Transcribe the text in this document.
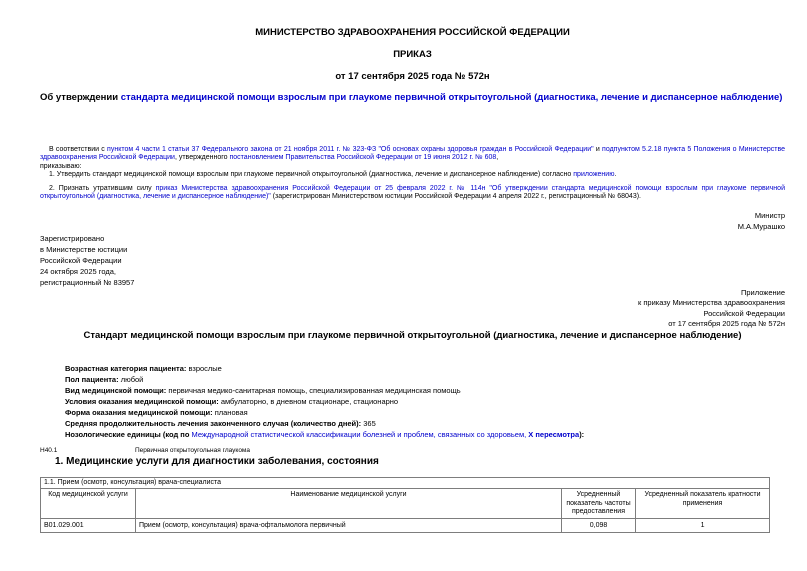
МИНИСТЕРСТВО ЗДРАВООХРАНЕНИЯ РОССИЙСКОЙ ФЕДЕРАЦИИ
ПРИКАЗ
от 17 сентября 2025 года № 572н

Об утверждении стандарта медицинской помощи взрослым при глаукоме первичной открытоугольной (диагностика, лечение и диспансерное наблюдение)

В соответствии с пунктом 4 части 1 статьи 37 Федерального закона от 21 ноября 2011 г. № 323-ФЗ "Об основах охраны здоровья граждан в Российской Федерации" и подпунктом 5.2.18 пункта 5 Положения о Министерстве здравоохранения Российской Федерации, утвержденного постановлением Правительства Российской Федерации от 19 июня 2012 г. № 608,

приказываю:

1. Утвердить стандарт медицинской помощи взрослым при глаукоме первичной открытоугольной (диагностика, лечение и диспансерное наблюдение) согласно приложению.

2. Признать утратившим силу приказ Министерства здравоохранения Российской Федерации от 25 февраля 2022 г. № 114н "Об утверждении стандарта медицинской помощи взрослым при глаукоме первичной открытоугольной (диагностика, лечение и диспансерное наблюдение)" (зарегистрирован Министерством юстиции Российской Федерации 4 апреля 2022 г., регистрационный № 68043).

Министр
М.А.Мурашко
Зарегистрировано
в Министерстве юстиции
Российской Федерации
24 октября 2025 года,
регистрационный № 83957
Приложение
к приказу Министерства здравоохранения
Российской Федерации
от 17 сентября 2025 года № 572н
Стандарт медицинской помощи взрослым при глаукоме первичной открытоугольной (диагностика, лечение и диспансерное наблюдение)
Возрастная категория пациента: взрослые
Пол пациента: любой
Вид медицинской помощи: первичная медико-санитарная помощь, специализированная медицинская помощь
Условия оказания медицинской помощи: амбулаторно, в дневном стационаре, стационарно
Форма оказания медицинской помощи: плановая
Средняя продолжительность лечения законченного случая (количество дней): 365
Нозологические единицы (код по Международной статистической классификации болезней и проблем, связанных со здоровьем, Х пересмотра):
Н40.1	Первичная открытоугольная глаукома
1. Медицинские услуги для диагностики заболевания, состояния
1.1. Прием (осмотр, консультация) врача-специалиста			
Код медицинской услуги	Наименование медицинской услуги	Усредненный показатель частоты предоставления	Усредненный показатель кратности применения
B01.029.001	Прием (осмотр, консультация) врача-офтальмолога первичный	0,098	1
